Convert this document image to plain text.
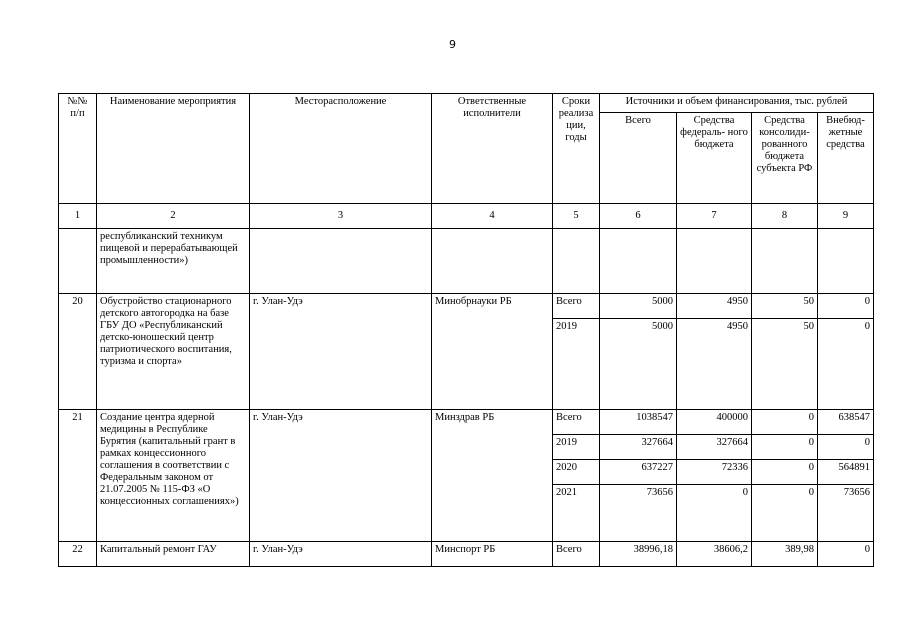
9
№№ п/п	Наименование мероприятия	Месторасположение	Ответственные исполнители	Сроки реализа ции, годы	Источники и объем финансирования, тыс. рублей			
					Всего	Средства федераль- ного бюджета	Средства консолиди- рованного бюджета субъекта РФ	Внебюд- жетные средства
1	2	3	4	5	6	7	8	9
	республиканский техникум пищевой и перерабатывающей промышленности»)							
20	Обустройство стационарного детского автогородка на базе ГБУ ДО «Республиканский детско-юношеский центр патриотического воспитания, туризма и спорта»	г. Улан-Удэ	Минобрнауки РБ	Всего	5000	4950	50	0
				2019	5000	4950	50	0
21	Создание центра ядерной медицины в Республике Бурятия (капитальный грант в рамках концессионного соглашения в соответствии с Федеральным законом от 21.07.2005 № 115-ФЗ «О концессионных соглашениях»)	г. Улан-Удэ	Минздрав РБ	Всего	1038547	400000	0	638547
				2019	327664	327664	0	0
				2020	637227	72336	0	564891
				2021	73656	0	0	73656
22	Капитальный ремонт ГАУ	г. Улан-Удэ	Минспорт РБ	Всего	38996,18	38606,2	389,98	0
